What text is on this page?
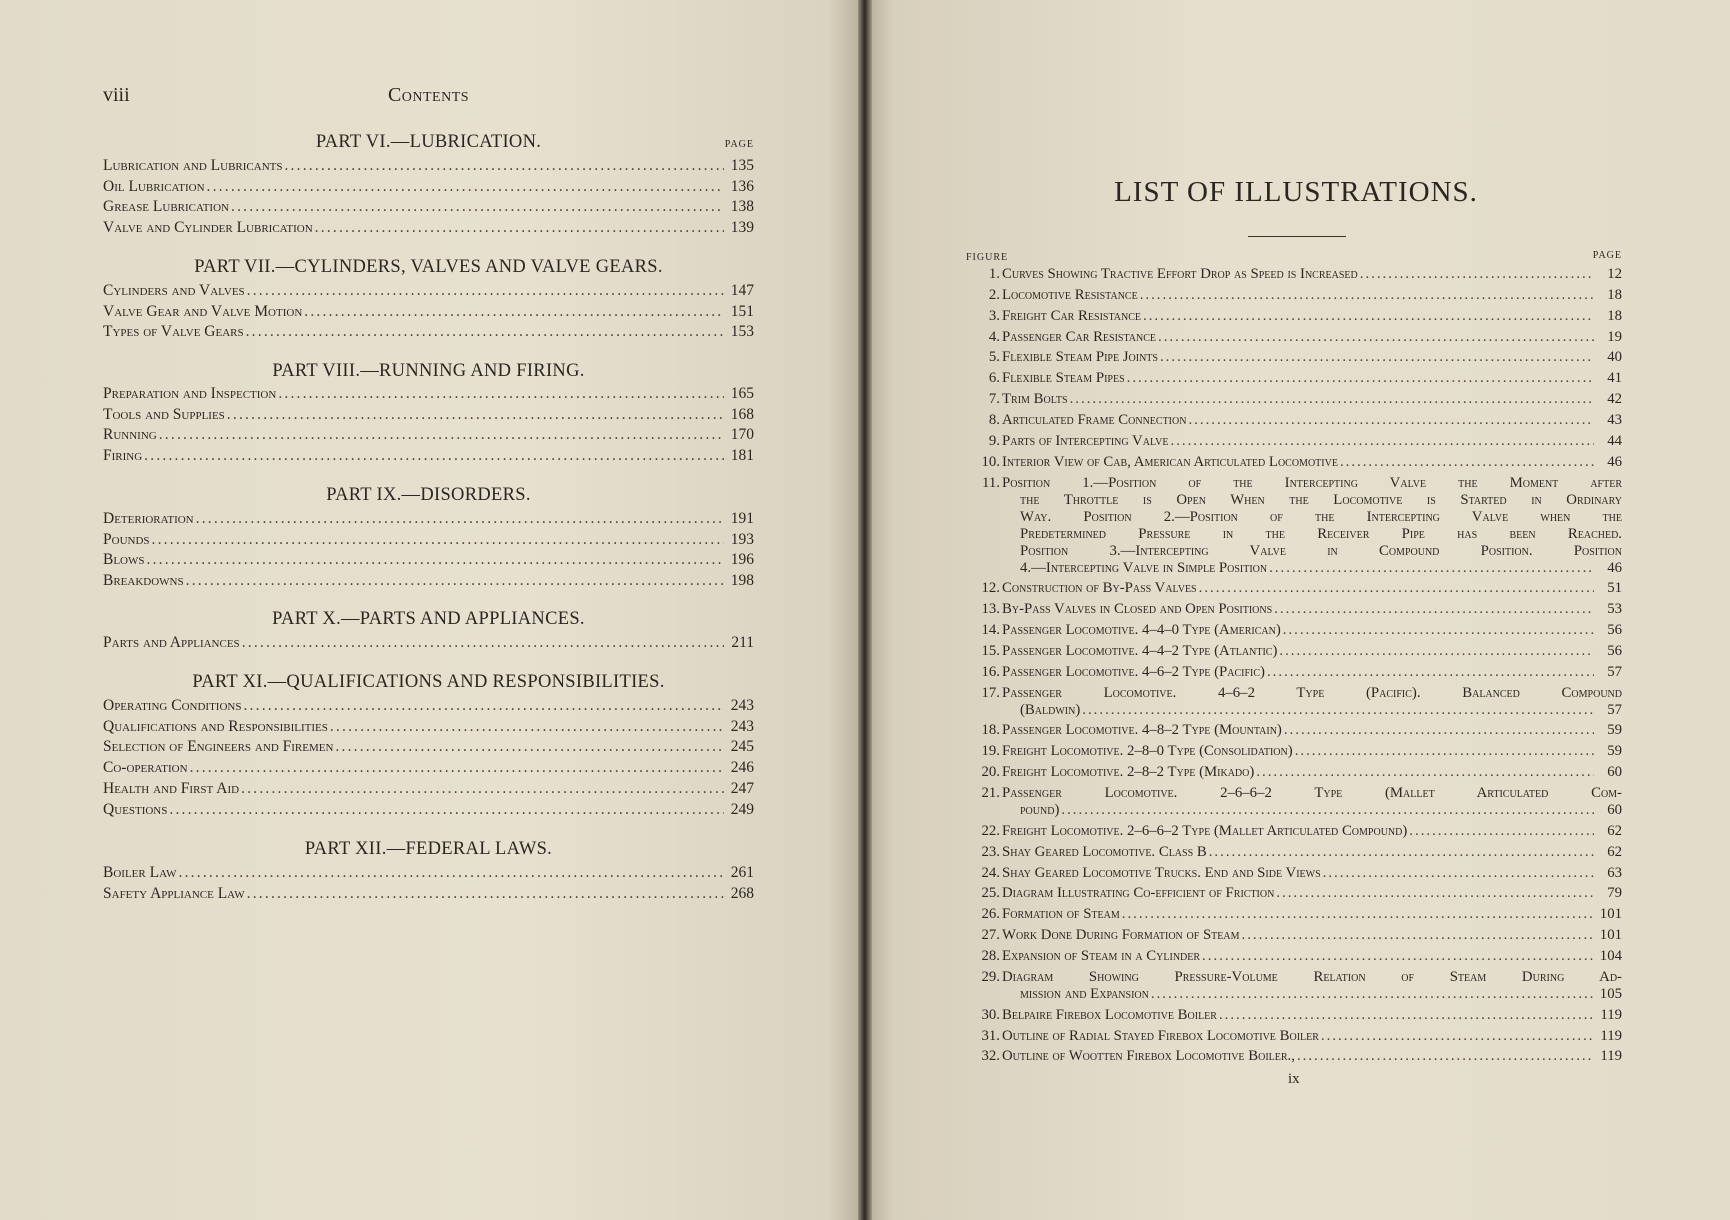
viii	Contents
PAGE
PART VI.—LUBRICATION.
Lubrication and Lubricants .....	135
Oil Lubrication .....	136
Grease Lubrication .....	138
Valve and Cylinder Lubrication .....	139
PART VII.—CYLINDERS, VALVES AND VALVE GEARS.
Cylinders and Valves .....	147
Valve Gear and Valve Motion .....	151
Types of Valve Gears .....	153
PART VIII.—RUNNING AND FIRING.
Preparation and Inspection .....	165
Tools and Supplies .....	168
Running .....	170
Firing .....	181
PART IX.—DISORDERS.
Deterioration .....	191
Pounds .....	193
Blows .....	196
Breakdowns .....	198
PART X.—PARTS AND APPLIANCES.
Parts and Appliances .....	211
PART XI.—QUALIFICATIONS AND RESPONSIBILITIES.
Operating Conditions .....	243
Qualifications and Responsibilities .....	243
Selection of Engineers and Firemen .....	245
Co-operation .....	246
Health and First Aid .....	247
Questions .....	249
PART XII.—FEDERAL LAWS.
Boiler Law .....	261
Safety Appliance Law .....	268
LIST OF ILLUSTRATIONS.
FIGURE	PAGE
1. Curves Showing Tractive Effort Drop as Speed is Increased .....	12
2. Locomotive Resistance .....	18
3. Freight Car Resistance .....	18
4. Passenger Car Resistance .....	19
5. Flexible Steam Pipe Joints .....	40
6. Flexible Steam Pipes .....	41
7. Trim Bolts .....	42
8. Articulated Frame Connection .....	43
9. Parts of Intercepting Valve .....	44
10. Interior View of Cab, American Articulated Locomotive .....	46
11. Position 1.—Position of the Intercepting Valve the Moment after
the Throttle is Open When the Locomotive is Started in Ordinary
Way. Position 2.—Position of the Intercepting Valve when the
Predetermined Pressure in the Receiver Pipe has been Reached.
Position 3.—Intercepting Valve in Compound Position. Position
4.—Intercepting Valve in Simple Position .....	46
12. Construction of By-Pass Valves .....	51
13. By-Pass Valves in Closed and Open Positions .....	53
14. Passenger Locomotive. 4–4–0 Type (American) .....	56
15. Passenger Locomotive. 4–4–2 Type (Atlantic) .....	56
16. Passenger Locomotive. 4–6–2 Type (Pacific) .....	57
17. Passenger Locomotive. 4–6–2 Type (Pacific). Balanced Compound
(Baldwin) .....	57
18. Passenger Locomotive. 4–8–2 Type (Mountain) .....	59
19. Freight Locomotive. 2–8–0 Type (Consolidation) .....	59
20. Freight Locomotive. 2–8–2 Type (Mikado) .....	60
21. Passenger Locomotive. 2–6–6–2 Type (Mallet Articulated Com-
pound) .....	60
22. Freight Locomotive. 2–6–6–2 Type (Mallet Articulated Compound) .....	62
23. Shay Geared Locomotive. Class B .....	62
24. Shay Geared Locomotive Trucks. End and Side Views .....	63
25. Diagram Illustrating Co-efficient of Friction .....	79
26. Formation of Steam .....	101
27. Work Done During Formation of Steam .....	101
28. Expansion of Steam in a Cylinder .....	104
29. Diagram Showing Pressure-Volume Relation of Steam During Ad-
mission and Expansion .....	105
30. Belpaire Firebox Locomotive Boiler .....	119
31. Outline of Radial Stayed Firebox Locomotive Boiler .....	119
32. Outline of Wootten Firebox Locomotive Boiler., .....	119
ix
